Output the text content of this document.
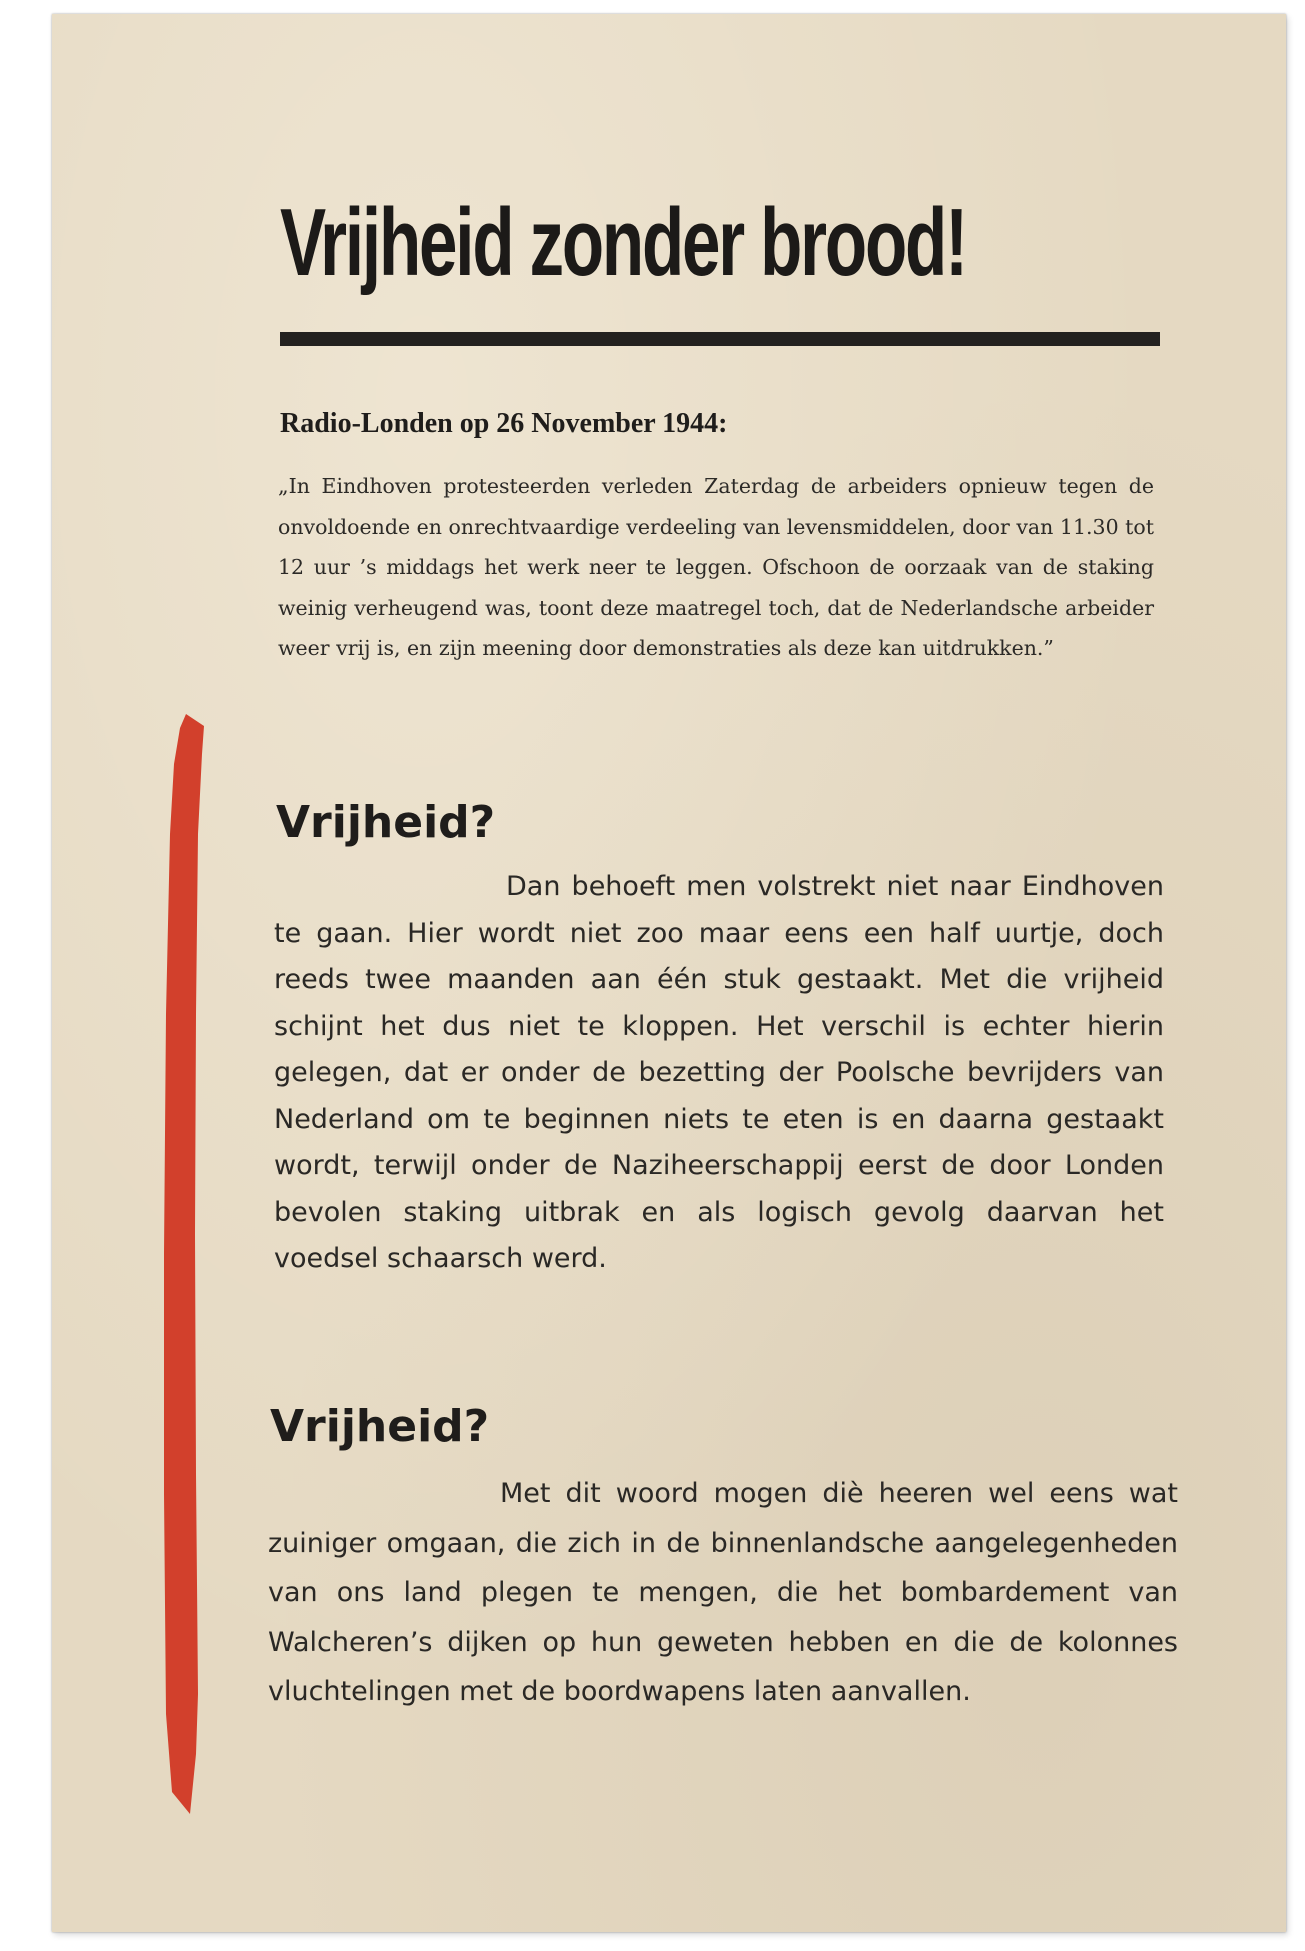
Vrijheid zonder brood!
Radio-Londen op 26 November 1944:
„In Eindhoven protesteerden verleden Zaterdag de arbeiders opnieuw tegen de onvoldoende en onrechtvaardige verdeeling van levensmiddelen, door van 11.30 tot 12 uur ’s middags het werk neer te leggen. Ofschoon de oorzaak van de staking weinig verheugend was, toont deze maatregel toch, dat de Nederlandsche arbeider weer vrij is, en zijn meening door demonstraties als deze kan uitdrukken.”
Vrijheid?

Dan behoeft men volstrekt niet naar Eindhoven te gaan. Hier wordt niet zoo maar eens een half uurtje, doch reeds twee maanden aan één stuk gestaakt. Met die vrijheid schijnt het dus niet te kloppen. Het verschil is echter hierin gelegen, dat er onder de bezetting der Poolsche bevrijders van Nederland om te beginnen niets te eten is en daarna gestaakt wordt, terwijl onder de Naziheerschappij eerst de door Londen bevolen staking uitbrak en als logisch gevolg daarvan het voedsel schaarsch werd.

Vrijheid?

Met dit woord mogen diè heeren wel eens wat zuiniger omgaan, die zich in de binnenlandsche aangelegenheden van ons land plegen te mengen, die het bombardement van Walcheren’s dijken op hun geweten hebben en die de kolonnes vluchtelingen met de boordwapens laten aanvallen.
